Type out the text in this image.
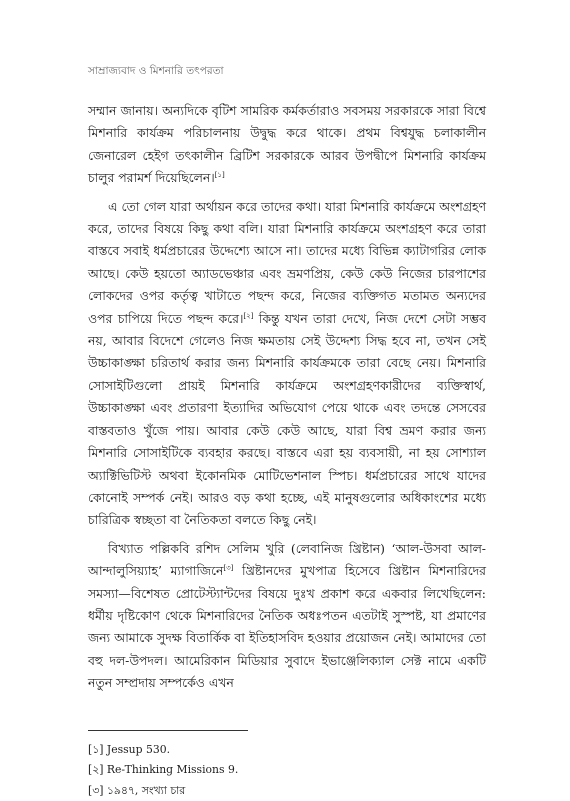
সাম্রাজ্যবাদ ও মিশনারি তৎপরতা

সম্মান জানায়। অন্যদিকে বৃটিশ সামরিক কর্মকর্তারাও সবসময় সরকারকে সারা বিশ্বে মিশনারি কার্যক্রম পরিচালনায় উদ্বুদ্ধ করে থাকে। প্রথম বিশ্বযুদ্ধ চলাকালীন জেনারেল হেইগ তৎকালীন ব্রিটিশ সরকারকে আরব উপদ্বীপে মিশনারি কার্যক্রম চালুর পরামর্শ দিয়েছিলেন।[১]

এ তো গেল যারা অর্থায়ন করে তাদের কথা। যারা মিশনারি কার্যক্রমে অংশগ্রহণ করে, তাদের বিষয়ে কিছু কথা বলি। যারা মিশনারি কার্যক্রমে অংশগ্রহণ করে তারা বাস্তবে সবাই ধর্মপ্রচারের উদ্দেশ্যে আসে না। তাদের মধ্যে বিভিন্ন ক্যাটাগরির লোক আছে। কেউ হয়তো অ্যাডভেঞ্চার এবং ভ্রমণপ্রিয়, কেউ কেউ নিজের চারপাশের লোকদের ওপর কর্তৃত্ব খাটাতে পছন্দ করে, নিজের ব্যক্তিগত মতামত অন্যদের ওপর চাপিয়ে দিতে পছন্দ করে।[২] কিন্তু যখন তারা দেখে, নিজ দেশে সেটা সম্ভব নয়, আবার বিদেশে গেলেও নিজ ক্ষমতায় সেই উদ্দেশ্য সিদ্ধ হবে না, তখন সেই উচ্চাকাঙ্ক্ষা চরিতার্থ করার জন্য মিশনারি কার্যক্রমকে তারা বেছে নেয়। মিশনারি সোসাইটিগুলো প্রায়ই মিশনারি কার্যক্রমে অংশগ্রহণকারীদের ব্যক্তিস্বার্থ, উচ্চাকাঙ্ক্ষা এবং প্রতারণা ইত্যাদির অভিযোগ পেয়ে থাকে এবং তদন্তে সেসবের বাস্তবতাও খুঁজে পায়। আবার কেউ কেউ আছে, যারা বিশ্ব ভ্রমণ করার জন্য মিশনারি সোসাইটিকে ব্যবহার করছে। বাস্তবে এরা হয় ব্যবসায়ী, না হয় সোশ্যাল অ্যাক্টিভিটিস্ট অথবা ইকোনমিক মোটিভেশনাল স্পিচ। ধর্মপ্রচারের সাথে যাদের কোনোই সম্পর্ক নেই। আরও বড় কথা হচ্ছে, এই মানুষগুলোর অধিকাংশের মধ্যে চারিত্রিক স্বচ্ছতা বা নৈতিকতা বলতে কিছু নেই।

বিখ্যাত পল্লিকবি রশিদ সেলিম খুরি (লেবানিজ খ্রিষ্টান) ‘আল-উসবা আল-আন্দালুসিয়্যাহ’ ম্যাগাজিনে[৩] খ্রিষ্টানদের মুখপাত্র হিসেবে খ্রিষ্টান মিশনারিদের সমস্যা—বিশেষত প্রোটেস্ট্যান্টদের বিষয়ে দুঃখ প্রকাশ করে একবার লিখেছিলেন: ধর্মীয় দৃষ্টিকোণ থেকে মিশনারিদের নৈতিক অধঃপতন এতটাই সুস্পষ্ট, যা প্রমাণের জন্য আমাকে সুদক্ষ বিতার্কিক বা ইতিহাসবিদ হওয়ার প্রয়োজন নেই। আমাদের তো বহু দল-উপদল। আমেরিকান মিডিয়ার সুবাদে ইভাঞ্জেলিক্যাল সেক্ট নামে একটি নতুন সম্প্রদায় সম্পর্কেও এখন

[১] Jessup 530.
[২] Re-Thinking Missions 9.
[৩] ১৯৪৭, সংখ্যা চার
